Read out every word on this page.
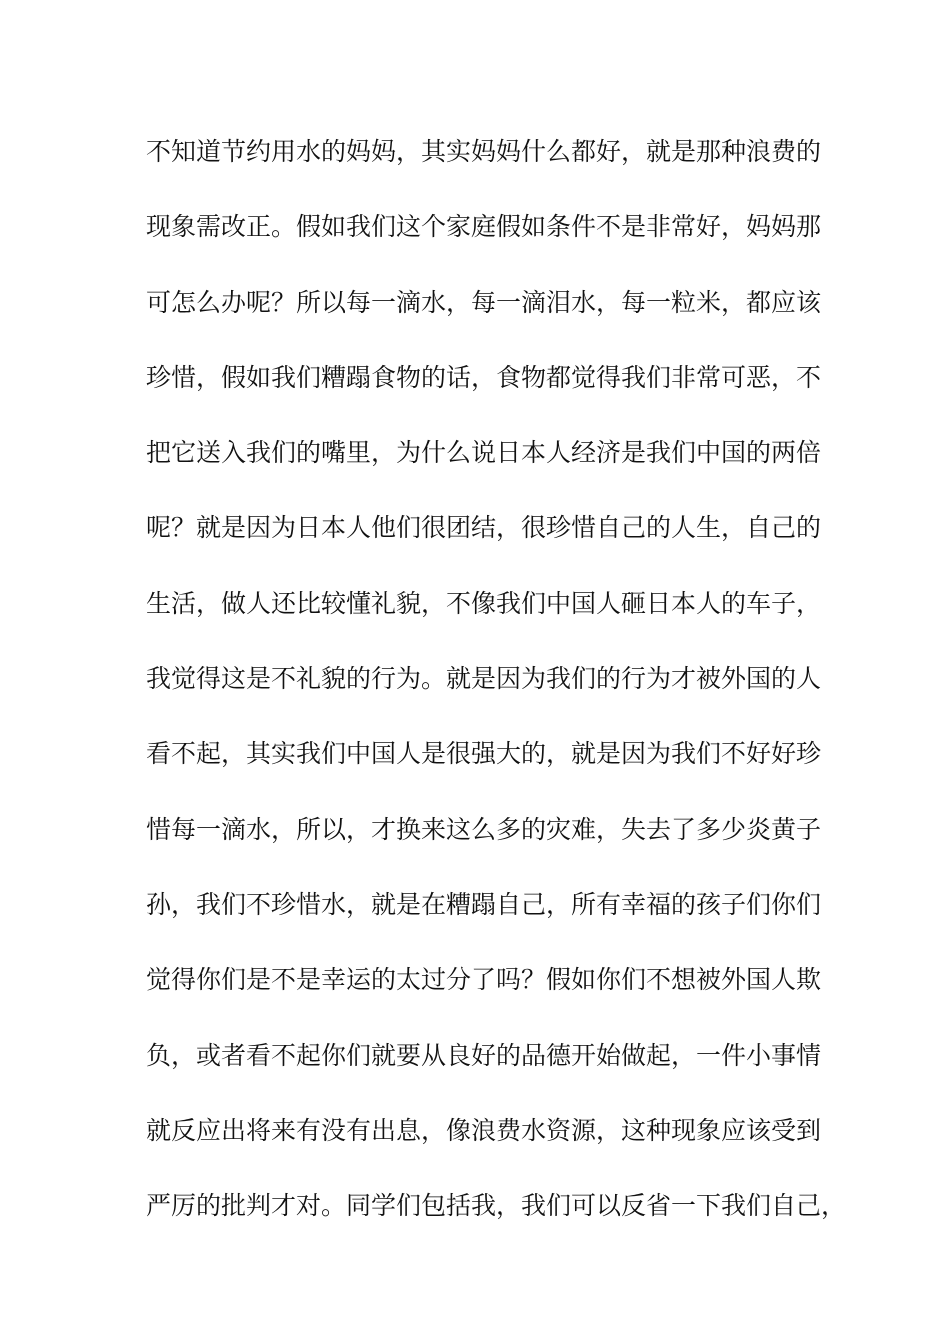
不知道节约用水的妈妈，其实妈妈什么都好，就是那种浪费的
现象需改正。假如我们这个家庭假如条件不是非常好，妈妈那
可怎么办呢？所以每一滴水，每一滴泪水，每一粒米，都应该
珍惜，假如我们糟蹋食物的话，食物都觉得我们非常可恶，不
把它送入我们的嘴里，为什么说日本人经济是我们中国的两倍
呢？就是因为日本人他们很团结，很珍惜自己的人生，自己的
生活，做人还比较懂礼貌，不像我们中国人砸日本人的车子，
我觉得这是不礼貌的行为。就是因为我们的行为才被外国的人
看不起，其实我们中国人是很强大的，就是因为我们不好好珍
惜每一滴水，所以，才换来这么多的灾难，失去了多少炎黄子
孙，我们不珍惜水，就是在糟蹋自己，所有幸福的孩子们你们
觉得你们是不是幸运的太过分了吗？假如你们不想被外国人欺
负，或者看不起你们就要从良好的品德开始做起，一件小事情
就反应出将来有没有出息，像浪费水资源，这种现象应该受到
严厉的批判才对。同学们包括我，我们可以反省一下我们自己，
